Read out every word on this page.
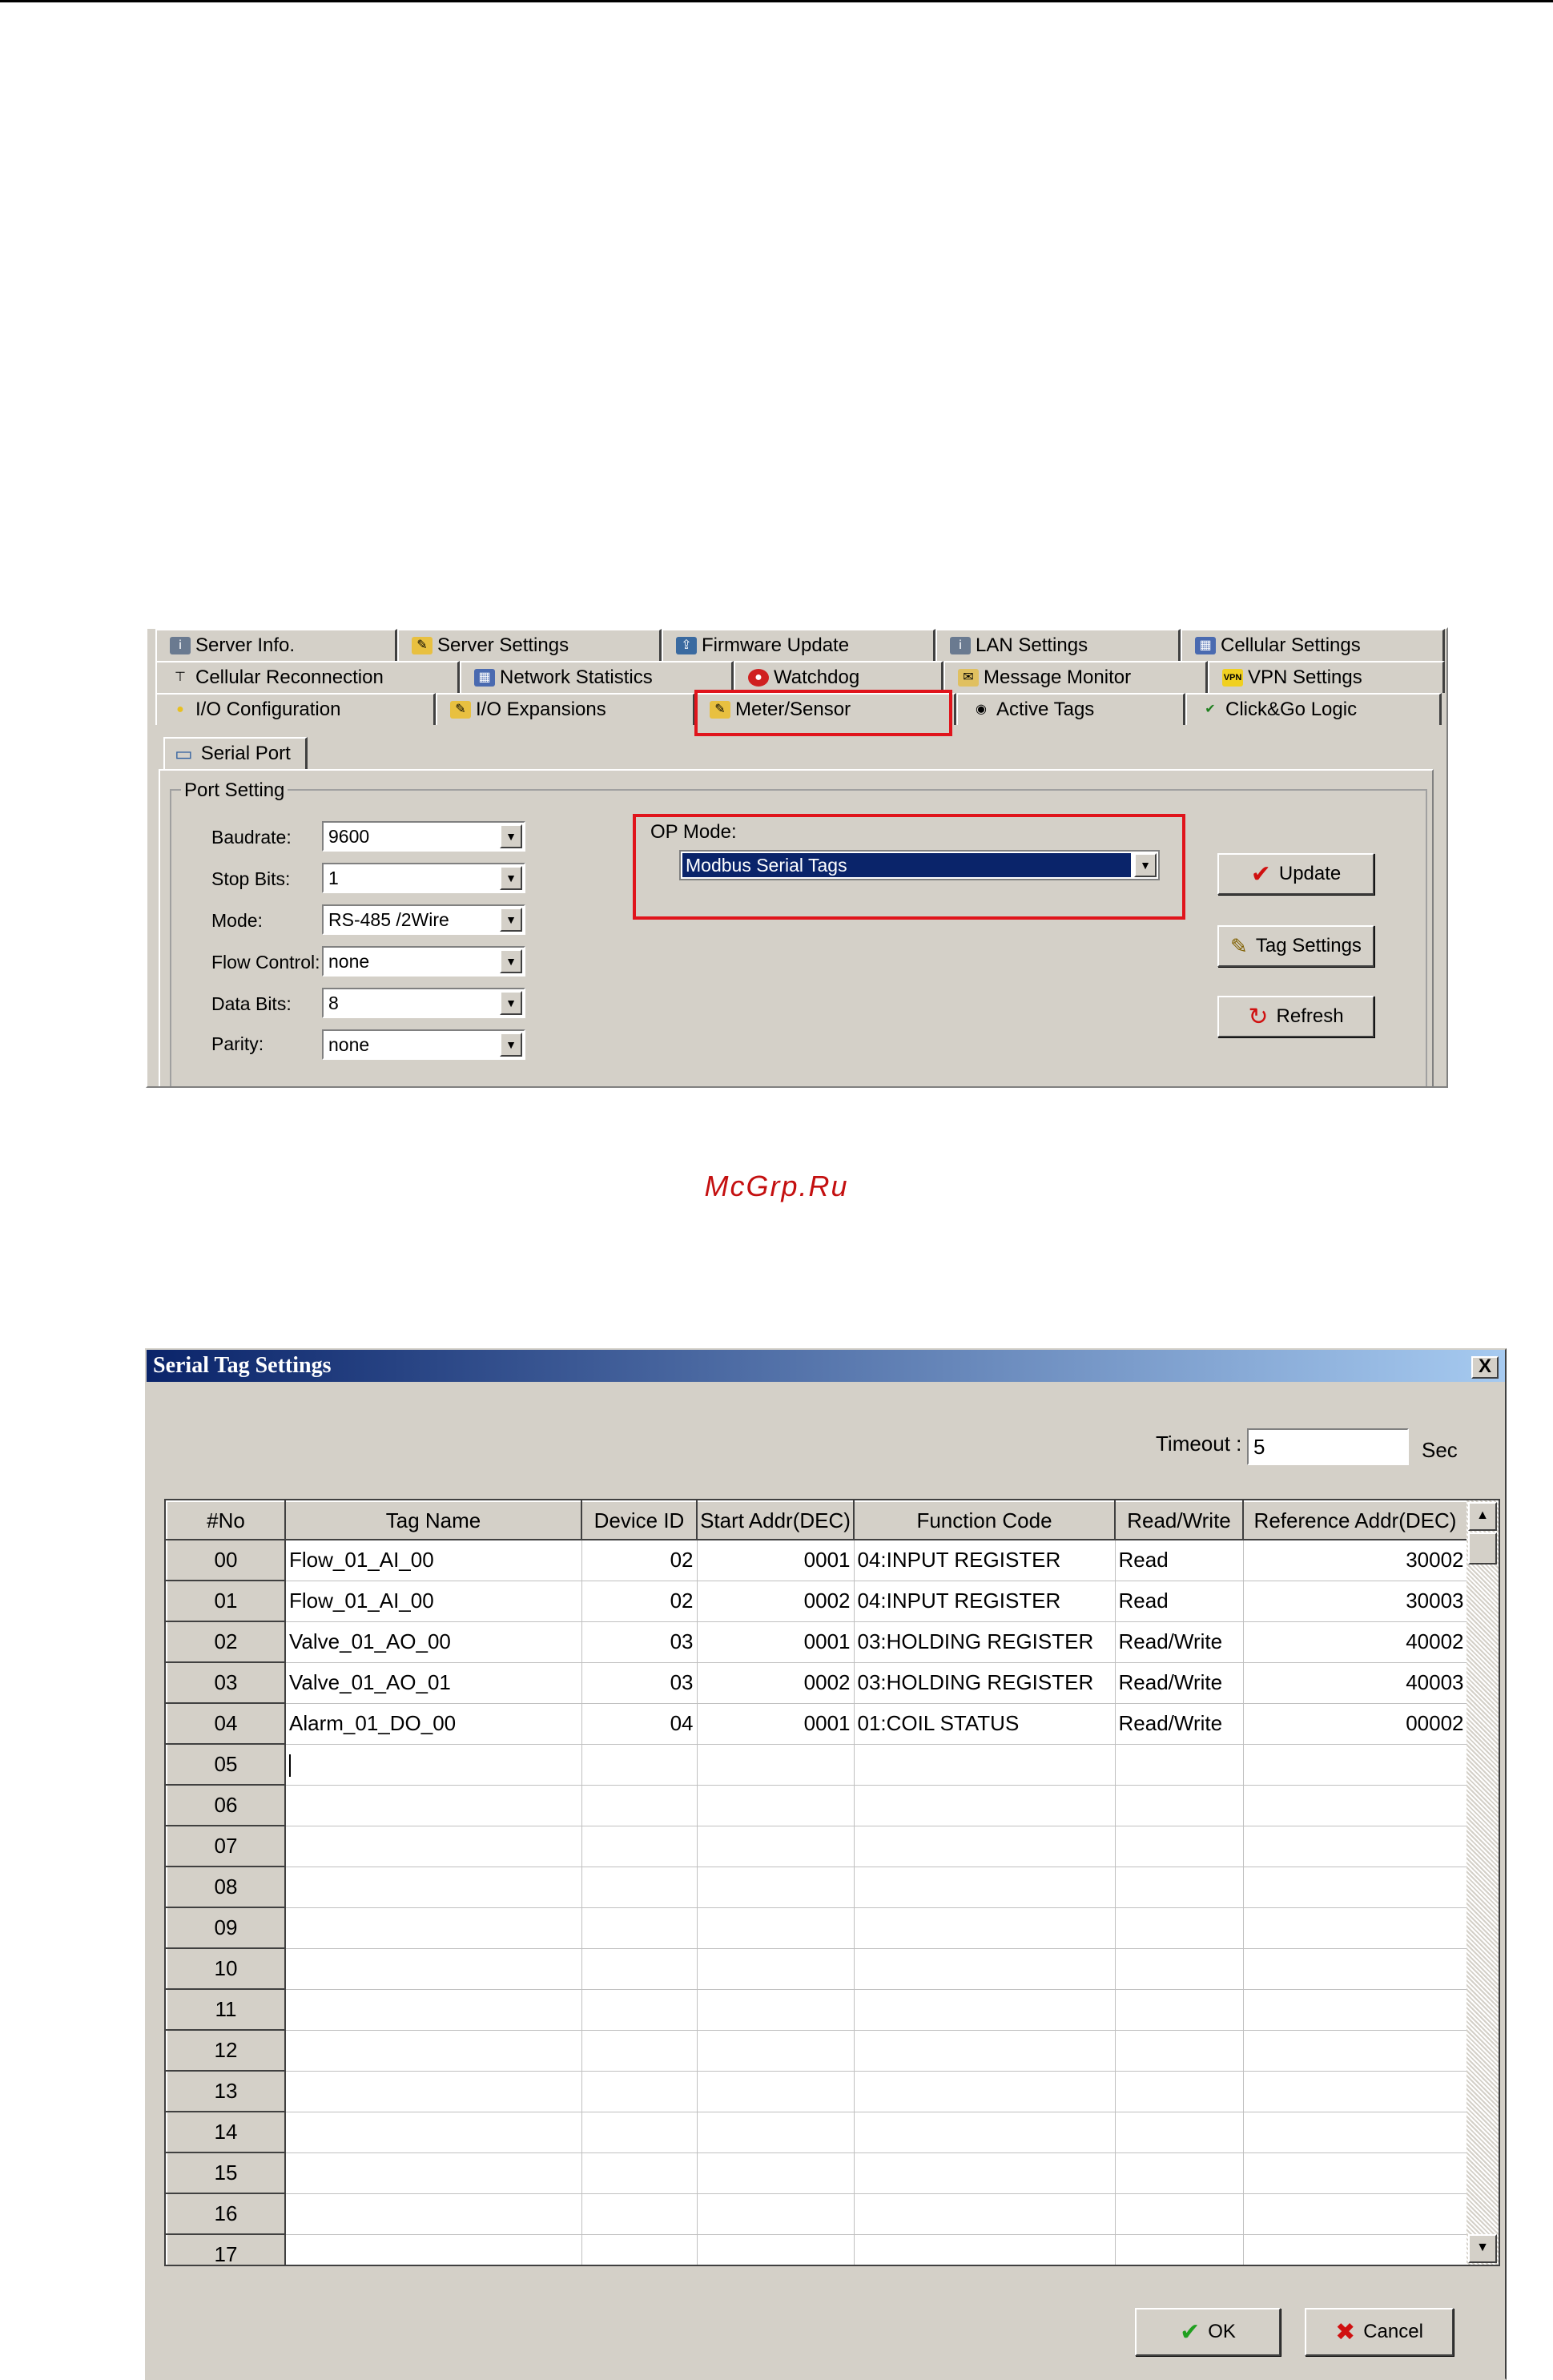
i Server Info.	✎ Server Settings	⇪ Firmware Update	i LAN Settings	▦ Cellular Settings
⊤ Cellular Reconnection	▦ Network Statistics	● Watchdog	✉ Message Monitor	VPN VPN Settings
● I/O Configuration	✎ I/O Expansions	✎ Meter/Sensor	◉ Active Tags	✔ Click&Go Logic
▭ Serial Port
Port Setting
Baudrate:	9600	▼
Stop Bits:	1	▼
Mode:	RS-485 /2Wire	▼
Flow Control: none	▼
Data Bits:	8	▼
Parity:	none	▼
OP Mode:
Modbus Serial Tags	▼	✔ Update
✎ Tag Settings
↻ Refresh
McGrp.Ru
Serial Tag Settings	X
Timeout : 5	Sec
#No	Tag Name	Device ID	Start Addr(DEC)	Function Code	Read/Write	Reference Addr(DEC)
00	Flow_01_AI_00	02	0001	04:INPUT REGISTER	Read	30002
01	Flow_01_AI_00	02	0002	04:INPUT REGISTER	Read	30003
02	Valve_01_AO_00	03	0001	03:HOLDING REGISTER	Read/Write	40002
03	Valve_01_AO_01	03	0002	03:HOLDING REGISTER	Read/Write	40003
04	Alarm_01_DO_00	04	0001	01:COIL STATUS	Read/Write	00002
05						
06						
07						
08						
09						
10						
11						
12						
13						
14						
15						
16						
17						
▲
▼
✔ OK	✖ Cancel
